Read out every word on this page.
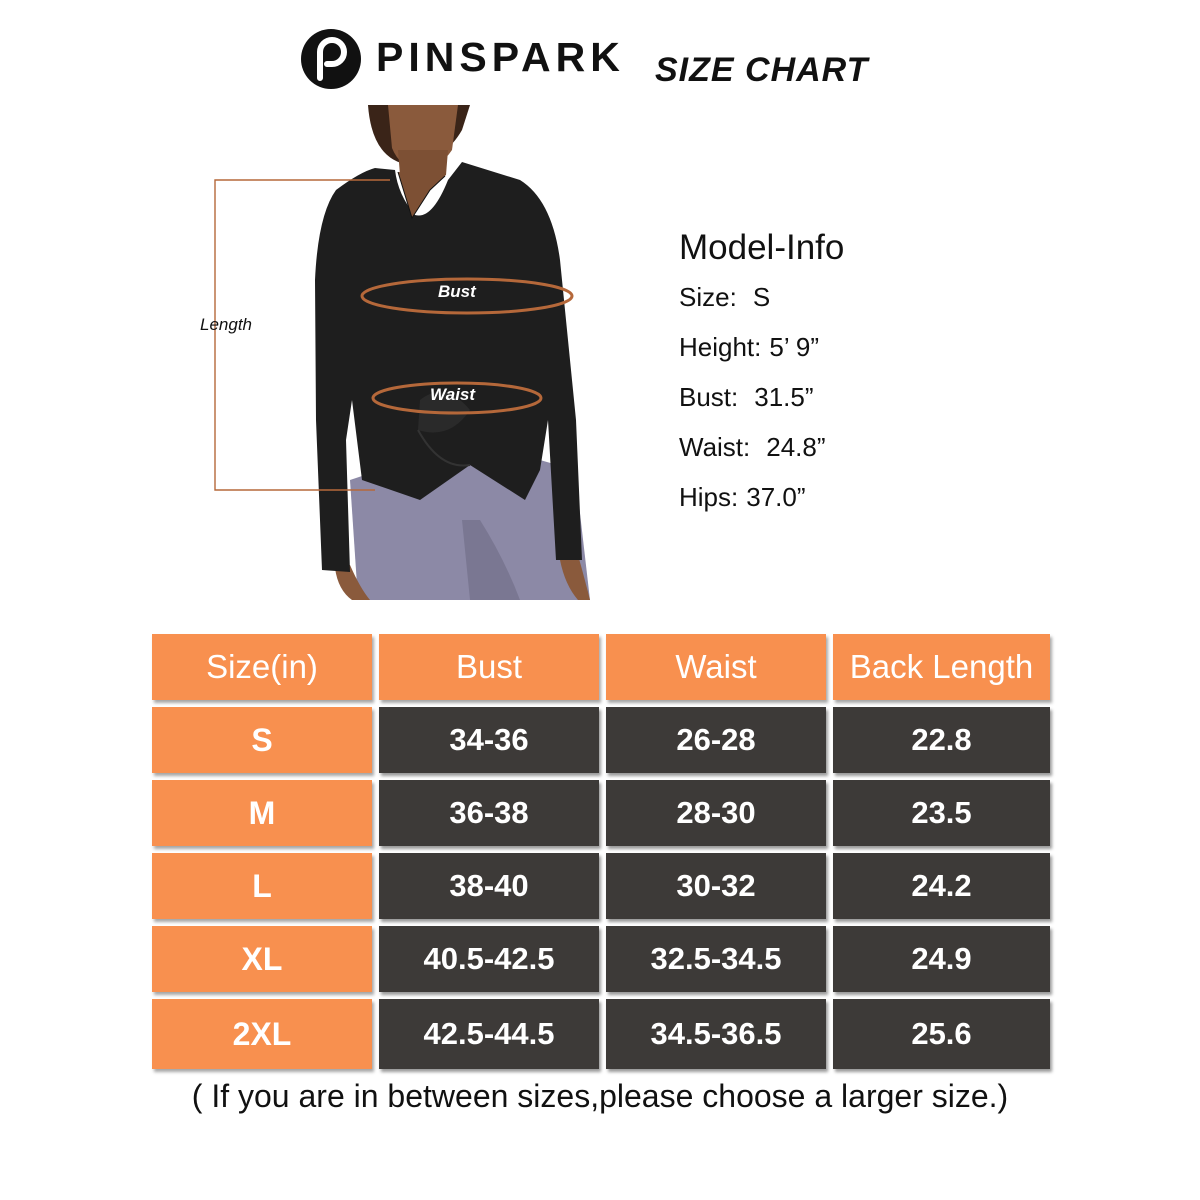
PINSPARK SIZE CHART
Length
Bust
Waist
Model-Info
Size: S
Height: 5’ 9”
Bust: 31.5”
Waist: 24.8”
Hips: 37.0”
Size(in)	Bust	Waist	Back Length
S	34-36	26-28	22.8
M	36-38	28-30	23.5
L	38-40	30-32	24.2
XL	40.5-42.5	32.5-34.5	24.9
2XL	42.5-44.5	34.5-36.5	25.6
( If you are in between sizes,please choose a larger size.)
